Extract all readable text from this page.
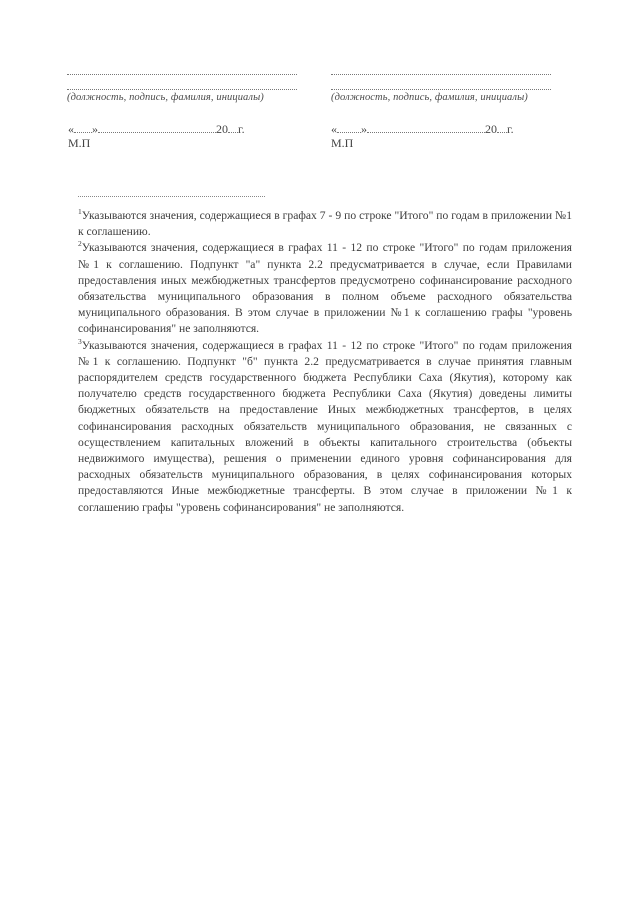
(должность, подпись, фамилия, инициалы)	(должность, подпись, фамилия, инициалы)
« »	20 г.
М.П
« »	20 г.
М.П

$^1$Указываются значения, содержащиеся в графах 7 - 9 по строке "Итого" по годам в приложении №1 к соглашению.

$^2$Указываются значения, содержащиеся в графах 11 - 12 по строке "Итого" по годам приложения №1 к соглашению. Подпункт "а" пункта 2.2 предусматривается в случае, если Правилами предоставления иных межбюджетных трансфертов предусмотрено софинансирование расходного обязательства муниципального образования в полном объеме расходного обязательства муниципального образования. В этом случае в приложении №1 к соглашению графы "уровень софинансирования" не заполняются.

$^3$Указываются значения, содержащиеся в графах 11 - 12 по строке "Итого" по годам приложения №1 к соглашению. Подпункт "б" пункта 2.2 предусматривается в случае принятия главным распорядителем средств государственного бюджета Республики Саха (Якутия), которому как получателю средств государственного бюджета Республики Саха (Якутия) доведены лимиты бюджетных обязательств на предоставление Иных межбюджетных трансфертов, в целях софинансирования расходных обязательств муниципального образования, не связанных с осуществлением капитальных вложений в объекты капитального строительства (объекты недвижимого имущества), решения о применении единого уровня софинансирования для расходных обязательств муниципального образования, в целях софинансирования которых предоставляются Иные межбюджетные трансферты. В этом случае в приложении №1 к соглашению графы "уровень софинансирования" не заполняются.
